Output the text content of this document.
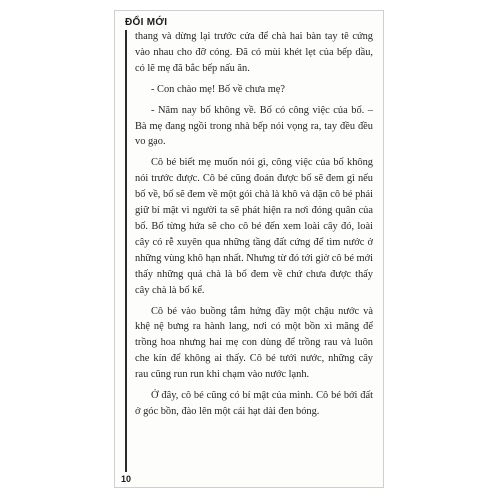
ĐỔI MỚI

thang và dừng lại trước cửa để chà hai bàn tay tê cứng vào nhau cho đỡ cóng. Đã có mùi khét lẹt của bếp dầu, có lẽ mẹ đã bắc bếp nấu ăn.

- Con chào mẹ! Bố về chưa mẹ?

- Năm nay bố không về. Bố có công việc của bố. – Bà mẹ đang ngồi trong nhà bếp nói vọng ra, tay đều đều vo gạo.

Cô bé biết mẹ muốn nói gì, công việc của bố không nói trước được. Cô bé cũng đoán được bố sẽ đem gì nếu bố về, bố sẽ đem về một gói chà là khô và dặn cô bé phải giữ bí mật vì người ta sẽ phát hiện ra nơi đóng quân của bố. Bố từng hứa sẽ cho cô bé đến xem loài cây đó, loài cây có rễ xuyên qua những tầng đất cứng để tìm nước ở những vùng khô hạn nhất. Nhưng từ đó tới giờ cô bé mới thấy những quả chà là bố đem về chứ chưa được thấy cây chà là bố kể.

Cô bé vào buồng tắm hứng đầy một chậu nước và khệ nệ bưng ra hành lang, nơi có một bồn xi măng để trồng hoa nhưng hai mẹ con dùng để trồng rau và luôn che kín để không ai thấy. Cô bé tưới nước, những cây rau cũng run run khi chạm vào nước lạnh.

Ở đây, cô bé cũng có bí mật của mình. Cô bé bới đất ở góc bồn, đào lên một cái hạt dài đen bóng.

10
